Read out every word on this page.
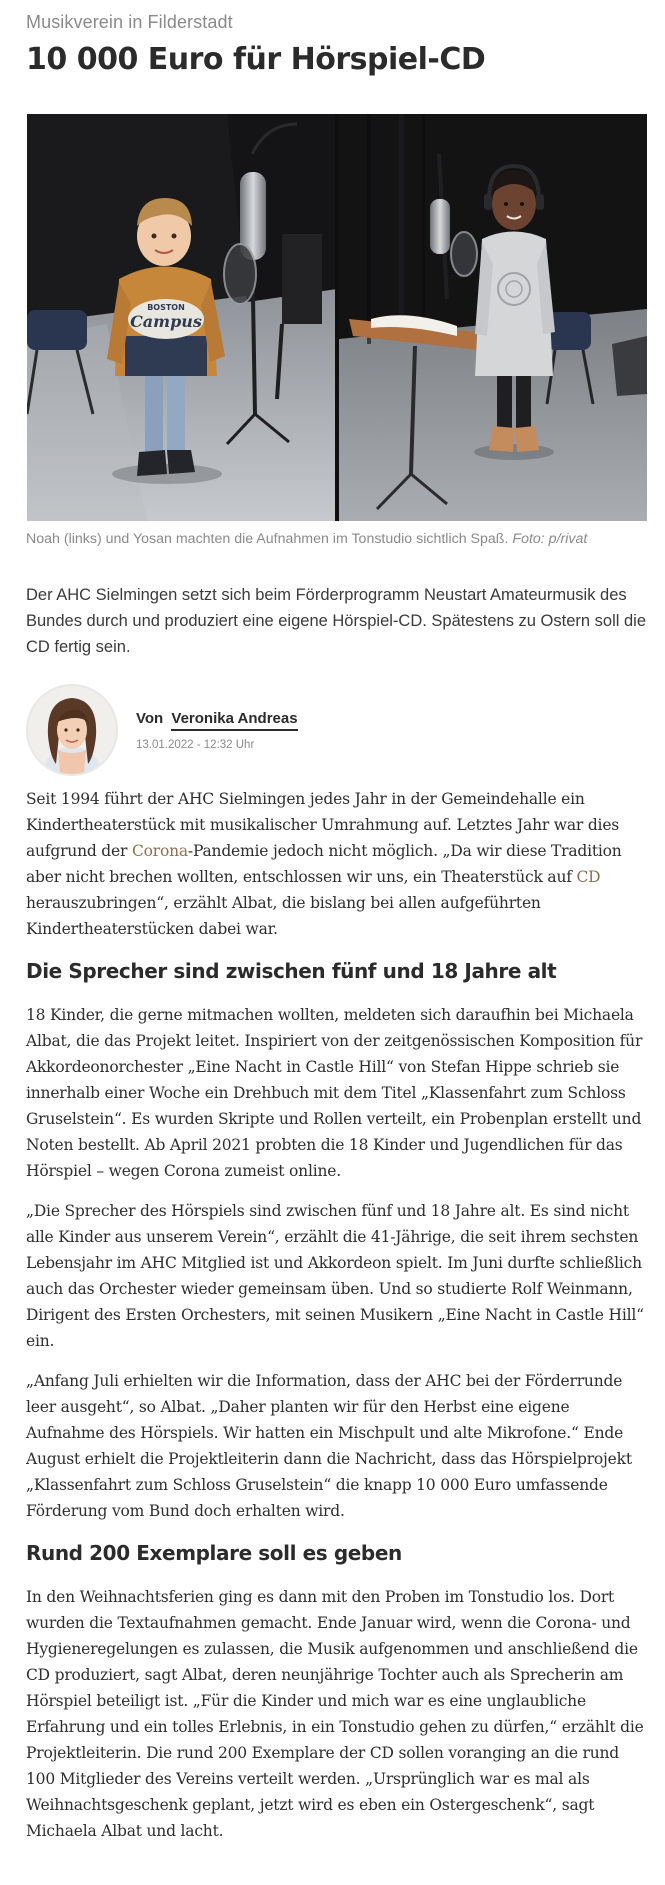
Musikverein in Filderstadt
10 000 Euro für Hörspiel-CD
BOSTON
Campus
Noah (links) und Yosan machten die Aufnahmen im Tonstudio sichtlich Spaß. Foto: p/rivat

Der AHC Sielmingen setzt sich beim Förderprogramm Neustart Amateurmusik des Bundes durch und produziert eine eigene Hörspiel-CD. Spätestens zu Ostern soll die CD fertig sein.

Von Veronika Andreas
13.01.2022 - 12:32 Uhr

Seit 1994 führt der AHC Sielmingen jedes Jahr in der Gemeindehalle ein Kindertheaterstück mit musikalischer Umrahmung auf. Letztes Jahr war dies aufgrund der Corona-Pandemie jedoch nicht möglich. „Da wir diese Tradition aber nicht brechen wollten, entschlossen wir uns, ein Theaterstück auf CD herauszubringen“, erzählt Albat, die bislang bei allen aufgeführten Kindertheaterstücken dabei war.

Die Sprecher sind zwischen fünf und 18 Jahre alt

18 Kinder, die gerne mitmachen wollten, meldeten sich daraufhin bei Michaela Albat, die das Projekt leitet. Inspiriert von der zeitgenössischen Komposition für Akkordeonorchester „Eine Nacht in Castle Hill“ von Stefan Hippe schrieb sie innerhalb einer Woche ein Drehbuch mit dem Titel „Klassenfahrt zum Schloss Gruselstein“. Es wurden Skripte und Rollen verteilt, ein Probenplan erstellt und Noten bestellt. Ab April 2021 probten die 18 Kinder und Jugendlichen für das Hörspiel – wegen Corona zumeist online.

„Die Sprecher des Hörspiels sind zwischen fünf und 18 Jahre alt. Es sind nicht alle Kinder aus unserem Verein“, erzählt die 41-Jährige, die seit ihrem sechsten Lebensjahr im AHC Mitglied ist und Akkordeon spielt. Im Juni durfte schließlich auch das Orchester wieder gemeinsam üben. Und so studierte Rolf Weinmann, Dirigent des Ersten Orchesters, mit seinen Musikern „Eine Nacht in Castle Hill“ ein.

„Anfang Juli erhielten wir die Information, dass der AHC bei der Förderrunde leer ausgeht“, so Albat. „Daher planten wir für den Herbst eine eigene Aufnahme des Hörspiels. Wir hatten ein Mischpult und alte Mikrofone.“ Ende August erhielt die Projektleiterin dann die Nachricht, dass das Hörspielprojekt „Klassenfahrt zum Schloss Gruselstein“ die knapp 10 000 Euro umfassende Förderung vom Bund doch erhalten wird.

Rund 200 Exemplare soll es geben

In den Weihnachtsferien ging es dann mit den Proben im Tonstudio los. Dort wurden die Textaufnahmen gemacht. Ende Januar wird, wenn die Corona- und Hygieneregelungen es zulassen, die Musik aufgenommen und anschließend die CD produziert, sagt Albat, deren neunjährige Tochter auch als Sprecherin am Hörspiel beteiligt ist. „Für die Kinder und mich war es eine unglaubliche Erfahrung und ein tolles Erlebnis, in ein Tonstudio gehen zu dürfen,“ erzählt die Projektleiterin. Die rund 200 Exemplare der CD sollen voranging an die rund 100 Mitglieder des Vereins verteilt werden. „Ursprünglich war es mal als Weihnachtsgeschenk geplant, jetzt wird es eben ein Ostergeschenk“, sagt Michaela Albat und lacht.
